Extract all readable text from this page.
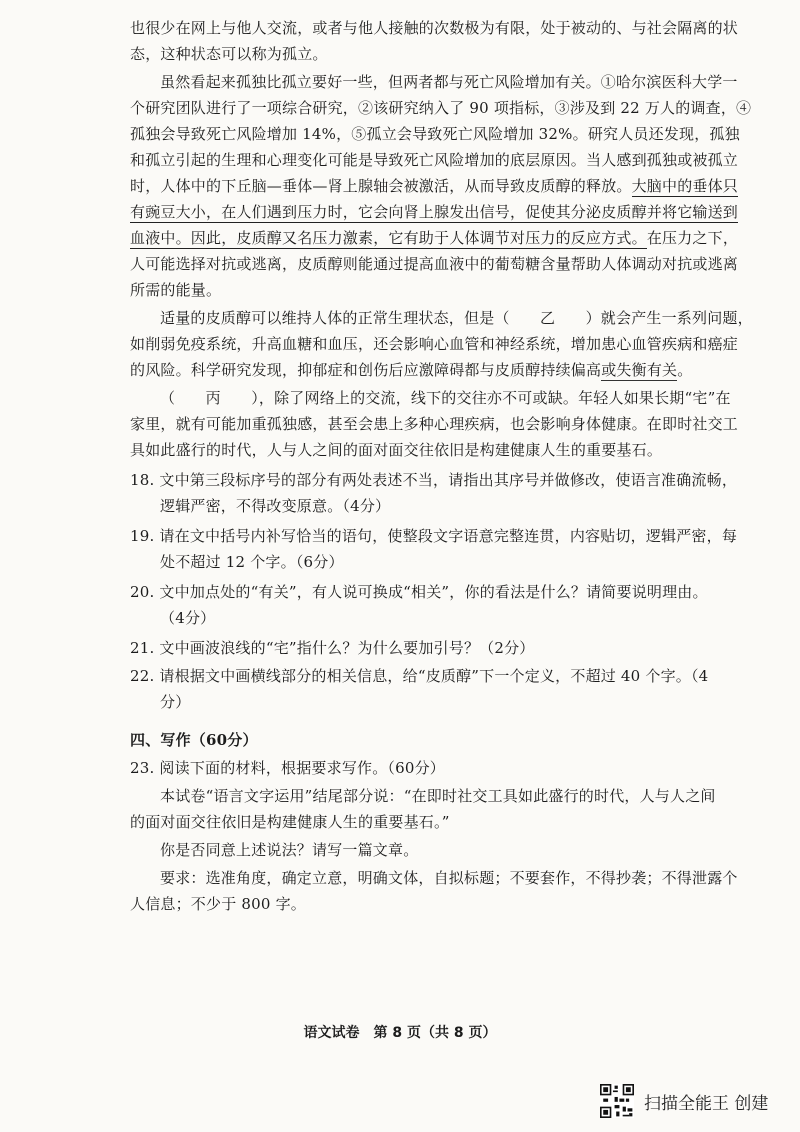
也很少在网上与他人交流，或者与他人接触的次数极为有限，处于被动的、与社会隔离的状
态，这种状态可以称为孤立。
虽然看起来孤独比孤立要好一些，但两者都与死亡风险增加有关。①哈尔滨医科大学一
个研究团队进行了一项综合研究，②该研究纳入了 90 项指标，③涉及到 22 万人的调查，④
孤独会导致死亡风险增加 14%，⑤孤立会导致死亡风险增加 32%。研究人员还发现，孤独
和孤立引起的生理和心理变化可能是导致死亡风险增加的底层原因。当人感到孤独或被孤立
时，人体中的下丘脑—垂体—肾上腺轴会被激活，从而导致皮质醇的释放。大脑中的垂体只
有豌豆大小，在人们遇到压力时，它会向肾上腺发出信号，促使其分泌皮质醇并将它输送到
血液中。因此，皮质醇又名压力激素，它有助于人体调节对压力的反应方式。在压力之下，
人可能选择对抗或逃离，皮质醇则能通过提高血液中的葡萄糖含量帮助人体调动对抗或逃离
所需的能量。
适量的皮质醇可以维持人体的正常生理状态，但是（　　乙　　）就会产生一系列问题，
如削弱免疫系统，升高血糖和血压，还会影响心血管和神经系统，增加患心血管疾病和癌症
的风险。科学研究发现，抑郁症和创伤后应激障碍都与皮质醇持续偏高或失衡有关。
（　　丙　　），除了网络上的交流，线下的交往亦不可或缺。年轻人如果长期“宅”在
家里，就有可能加重孤独感，甚至会患上多种心理疾病，也会影响身体健康。在即时社交工
具如此盛行的时代，人与人之间的面对面交往依旧是构建健康人生的重要基石。
18. 文中第三段标序号的部分有两处表述不当，请指出其序号并做修改，使语言准确流畅，
逻辑严密，不得改变原意。（4分）
19. 请在文中括号内补写恰当的语句，使整段文字语意完整连贯，内容贴切，逻辑严密，每
处不超过 12 个字。（6分）
20. 文中加点处的“有关”，有人说可换成“相关”，你的看法是什么？请简要说明理由。
（4分）
21. 文中画波浪线的“宅”指什么？为什么要加引号？（2分）
22. 请根据文中画横线部分的相关信息，给“皮质醇”下一个定义，不超过 40 个字。（4
分）
四、写作（60分）
23. 阅读下面的材料，根据要求写作。（60分）
本试卷“语言文字运用”结尾部分说：“在即时社交工具如此盛行的时代，人与人之间
的面对面交往依旧是构建健康人生的重要基石。”
你是否同意上述说法？请写一篇文章。
要求：选准角度，确定立意，明确文体，自拟标题；不要套作，不得抄袭；不得泄露个
人信息；不少于 800 字。
语文试卷　第 8 页（共 8 页）
扫描全能王 创建
